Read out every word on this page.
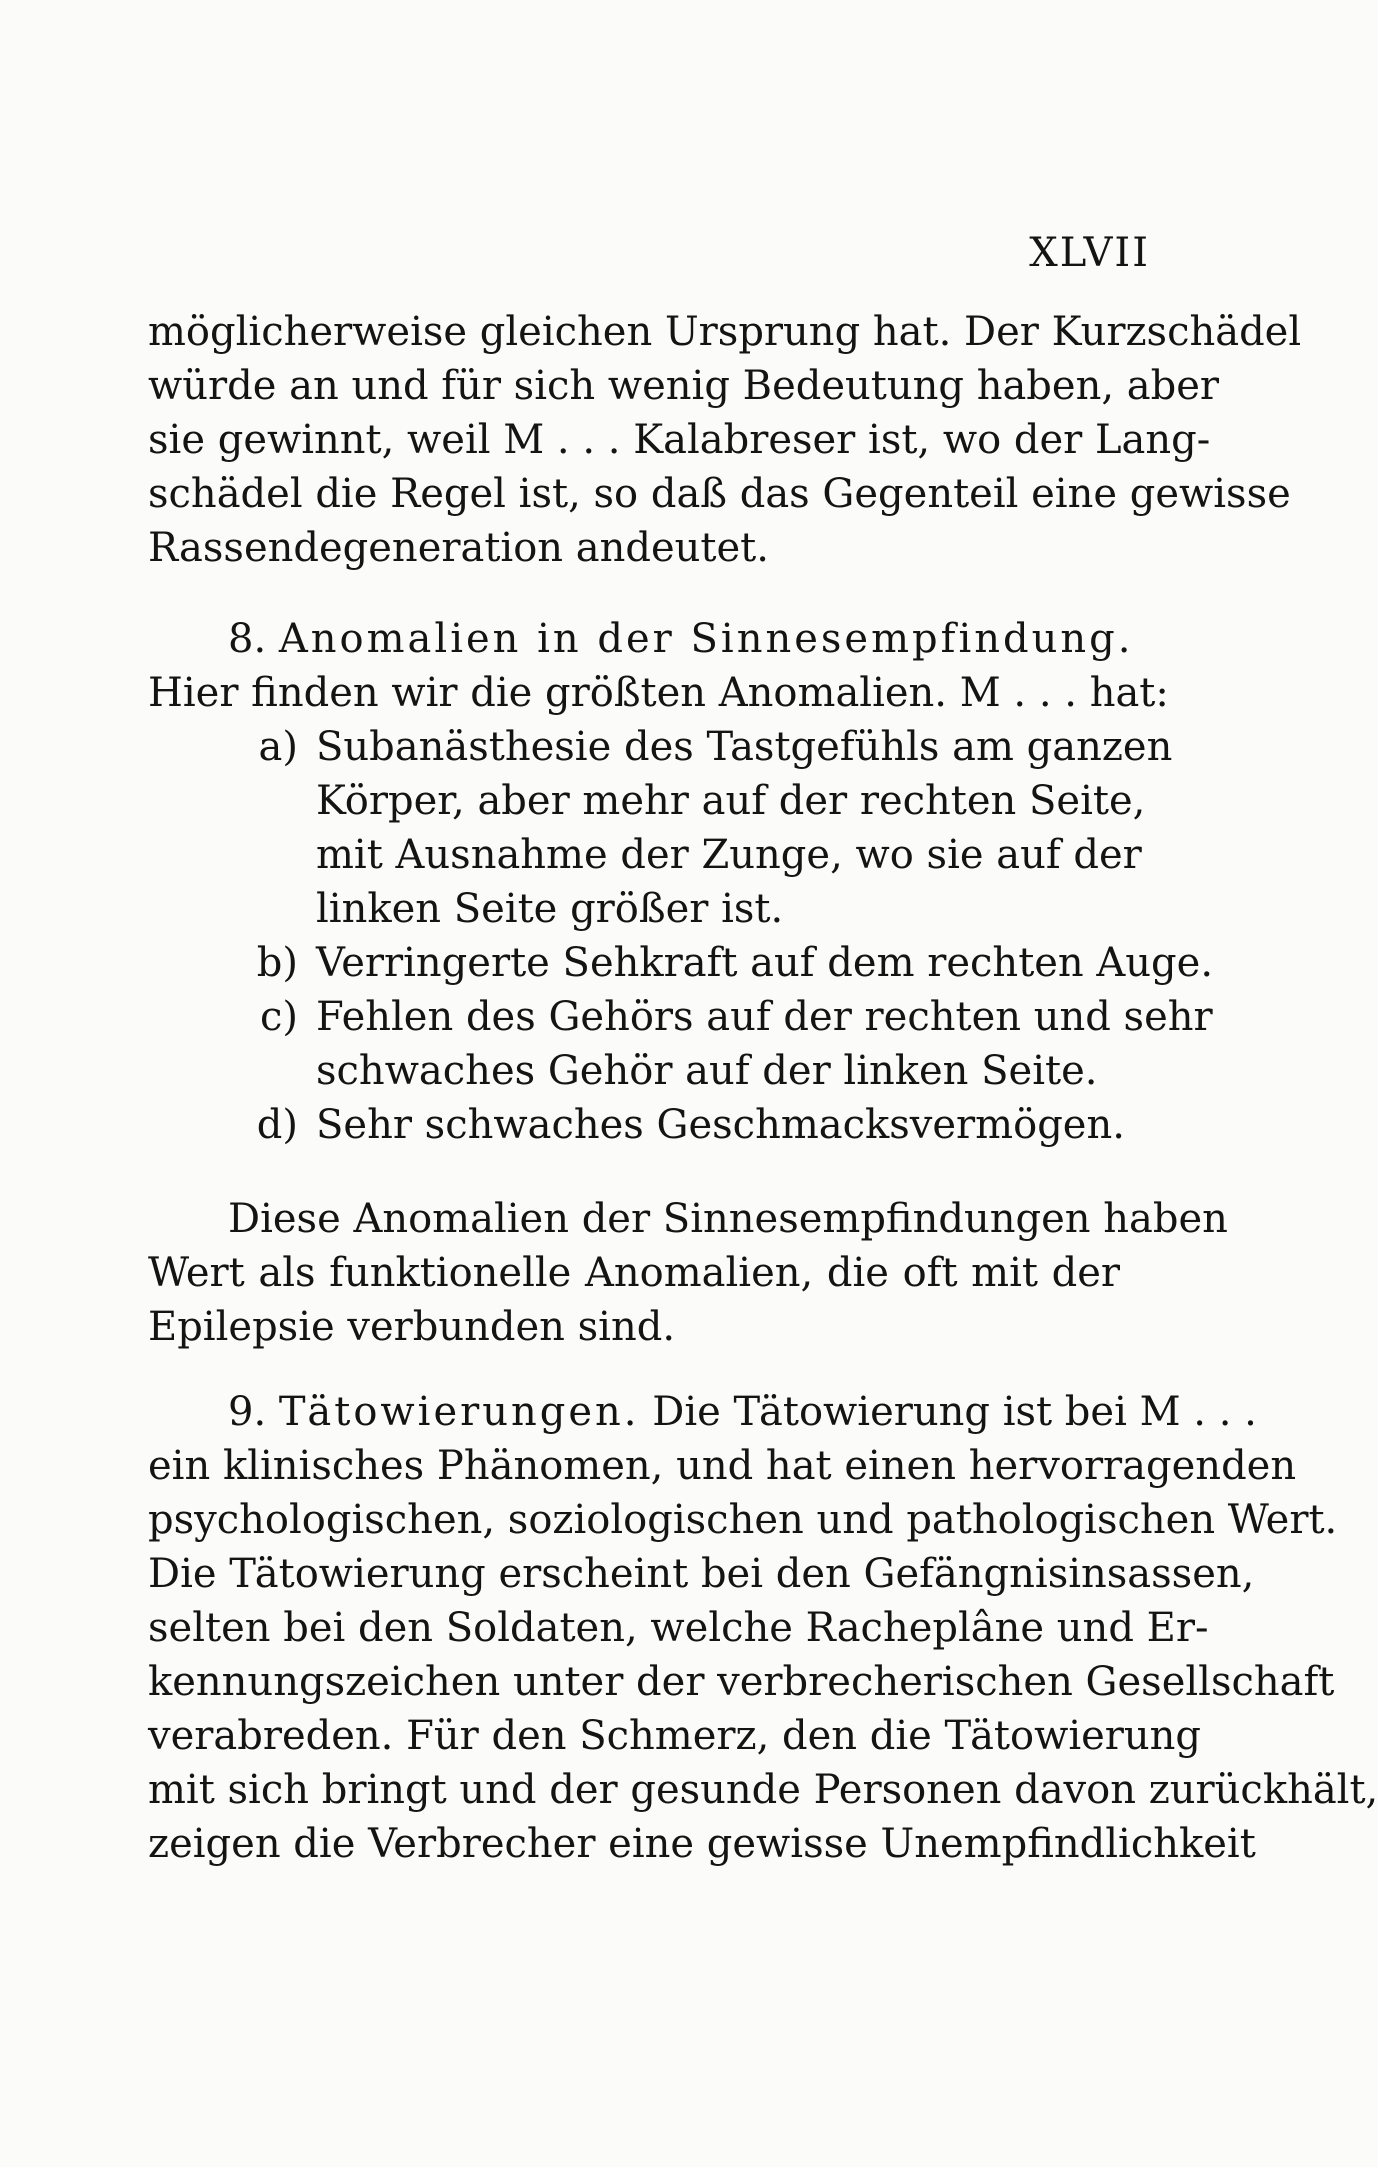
XLVII
möglicherweise gleichen Ursprung hat. Der Kurzschädel
würde an und für sich wenig Bedeutung haben, aber
sie gewinnt, weil M . . . Kalabreser ist, wo der Lang-
schädel die Regel ist, so daß das Gegenteil eine gewisse
Rassendegeneration andeutet.
8. Anomalien in der Sinnesempfindung.
Hier finden wir die größten Anomalien. M . . . hat:
a) Subanästhesie des Tastgefühls am ganzen
Körper, aber mehr auf der rechten Seite,
mit Ausnahme der Zunge, wo sie auf der
linken Seite größer ist.
b) Verringerte Sehkraft auf dem rechten Auge.
c) Fehlen des Gehörs auf der rechten und sehr
schwaches Gehör auf der linken Seite.
d) Sehr schwaches Geschmacksvermögen.
Diese Anomalien der Sinnesempfindungen haben
Wert als funktionelle Anomalien, die oft mit der
Epilepsie verbunden sind.
9. Tätowierungen. Die Tätowierung ist bei M . . .
ein klinisches Phänomen, und hat einen hervorragenden
psychologischen, soziologischen und pathologischen Wert.
Die Tätowierung erscheint bei den Gefängnisinsassen,
selten bei den Soldaten, welche Racheplâne und Er-
kennungszeichen unter der verbrecherischen Gesellschaft
verabreden. Für den Schmerz, den die Tätowierung
mit sich bringt und der gesunde Personen davon zurückhält,
zeigen die Verbrecher eine gewisse Unempfindlichkeit
